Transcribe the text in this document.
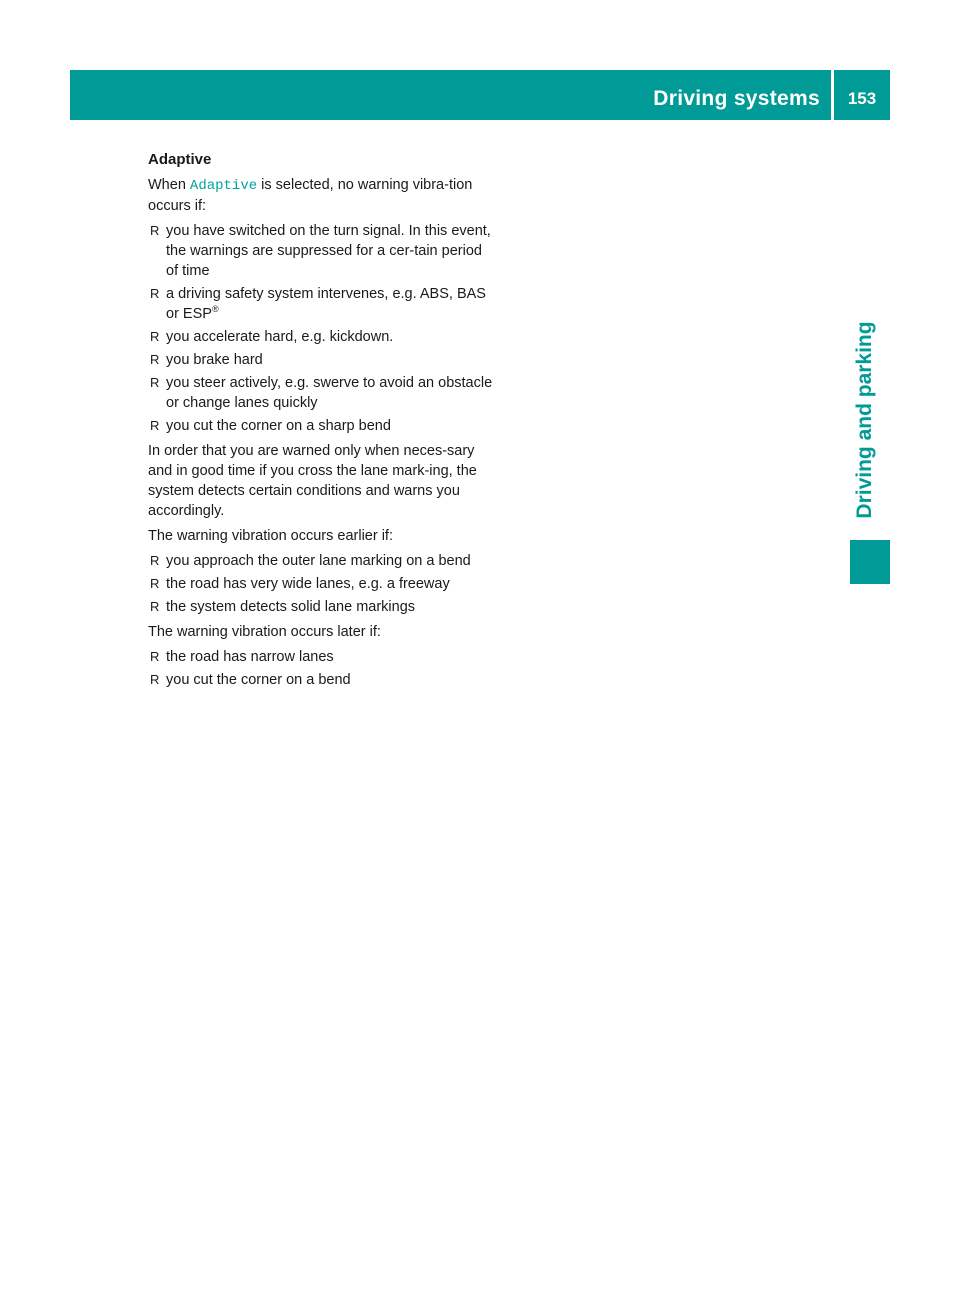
Driving systems	153
Driving and parking
Adaptive
When Adaptive is selected, no warning vibra-tion occurs if:
R you have switched on the turn signal. In this event, the warnings are suppressed for a cer-tain period of time
R a driving safety system intervenes, e.g. ABS, BAS or ESP®
R you accelerate hard, e.g. kickdown.
R you brake hard
R you steer actively, e.g. swerve to avoid an obstacle or change lanes quickly
R you cut the corner on a sharp bend
In order that you are warned only when neces-sary and in good time if you cross the lane mark-ing, the system detects certain conditions and warns you accordingly.
The warning vibration occurs earlier if:
R you approach the outer lane marking on a bend
R the road has very wide lanes, e.g. a freeway
R the system detects solid lane markings
The warning vibration occurs later if:
R the road has narrow lanes
R you cut the corner on a bend
